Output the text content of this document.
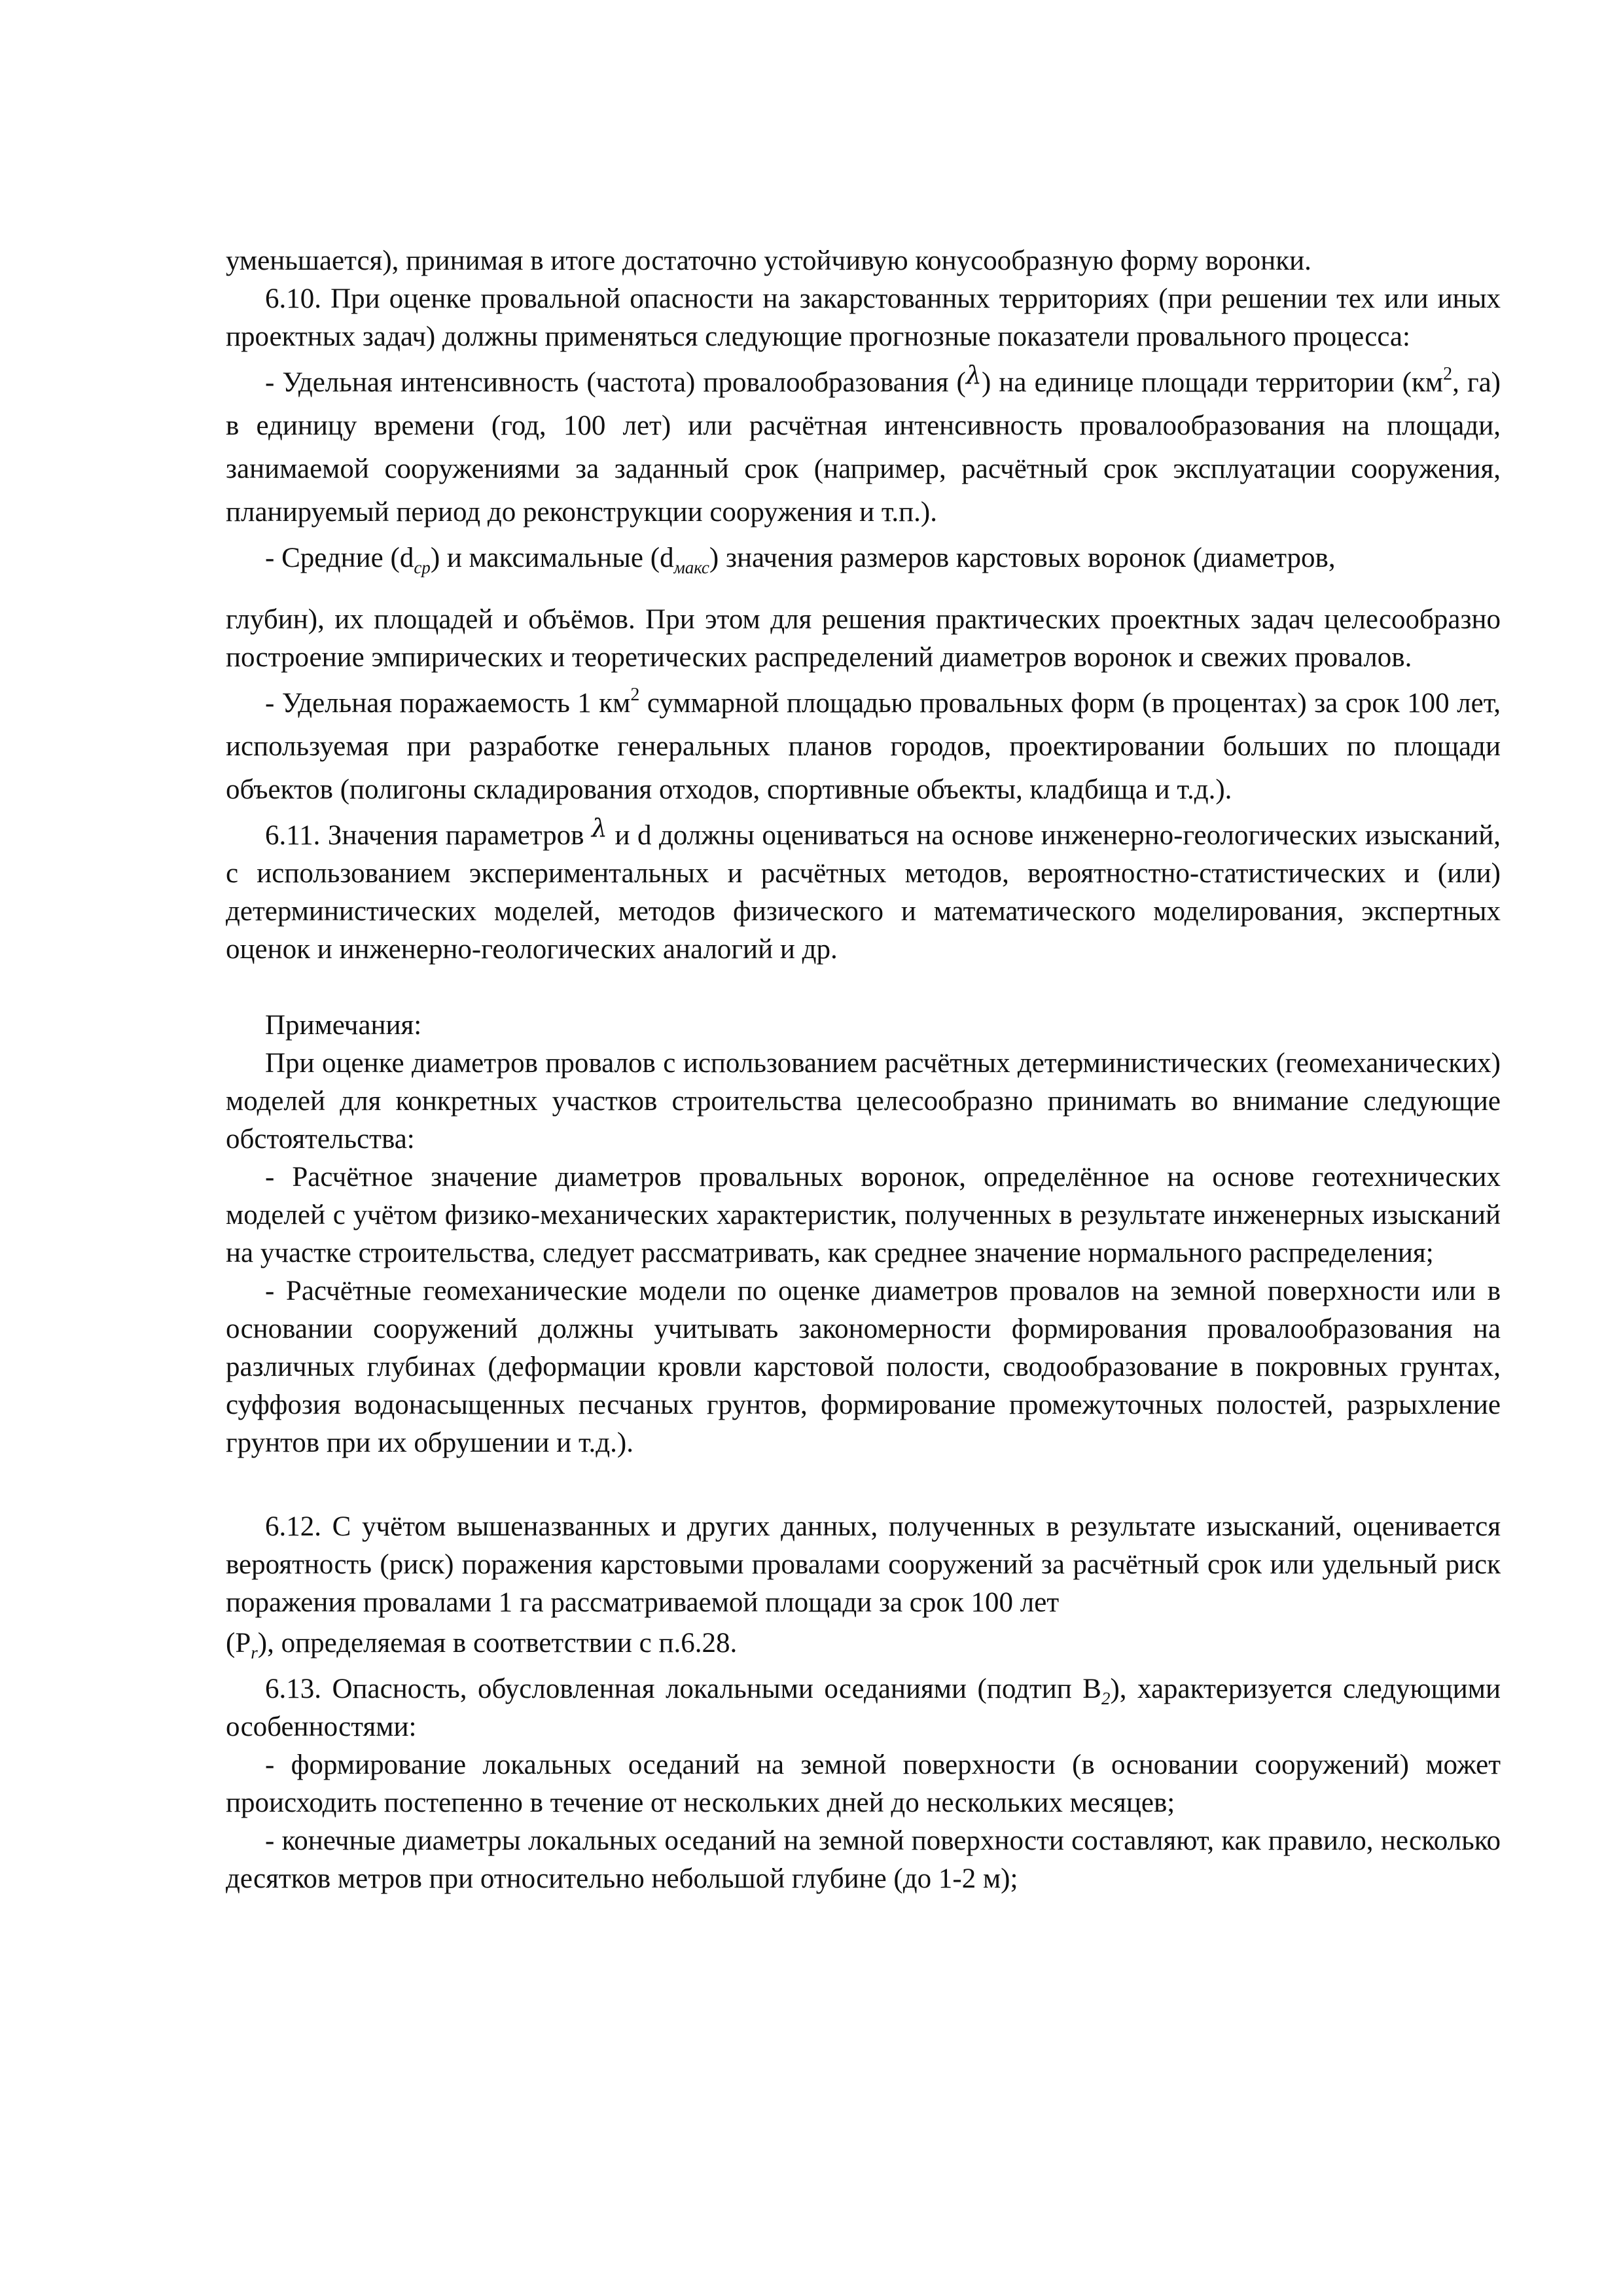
уменьшается), принимая в итоге достаточно устойчивую конусообразную форму воронки.

6.10. При оценке провальной опасности на закарстованных территориях (при решении тех или иных проектных задач) должны применяться следующие прогнозные показатели провального процесса:

- Удельная интенсивность (частота) провалообразования (λ) на единице площади территории ($км^2$, га) в единицу времени (год, 100 лет) или расчётная интенсивность провалообразования на площади, занимаемой сооружениями за заданный срок (например, расчётный срок эксплуатации сооружения, планируемый период до реконструкции сооружения и т.п.).

- Средние $(d_{ср})$ и максимальные $(d_{макс})$ значения размеров карстовых воронок (диаметров,

глубин), их площадей и объёмов. При этом для решения практических проектных задач целесообразно построение эмпирических и теоретических распределений диаметров воронок и свежих провалов.

- Удельная поражаемость 1 $км^2$ суммарной площадью провальных форм (в процентах) за срок 100 лет, используемая при разработке генеральных планов городов, проектировании больших по площади объектов (полигоны складирования отходов, спортивные объекты, кладбища и т.д.).

6.11. Значения параметров λ и d должны оцениваться на основе инженерно-геологических изысканий, с использованием экспериментальных и расчётных методов, вероятностно-статистических и (или) детерминистических моделей, методов физического и математического моделирования, экспертных оценок и инженерно-геологических аналогий и др.

Примечания:

При оценке диаметров провалов с использованием расчётных детерминистических (геомеханических) моделей для конкретных участков строительства целесообразно принимать во внимание следующие обстоятельства:

- Расчётное значение диаметров провальных воронок, определённое на основе геотехнических моделей с учётом физико-механических характеристик, полученных в результате инженерных изысканий на участке строительства, следует рассматривать, как среднее значение нормального распределения;

- Расчётные геомеханические модели по оценке диаметров провалов на земной поверхности или в основании сооружений должны учитывать закономерности формирования провалообразования на различных глубинах (деформации кровли карстовой полости, сводообразование в покровных грунтах, суффозия водонасыщенных песчаных грунтов, формирование промежуточных полостей, разрыхление грунтов при их обрушении и т.д.).

6.12. С учётом вышеназванных и других данных, полученных в результате изысканий, оценивается вероятность (риск) поражения карстовыми провалами сооружений за расчётный срок или удельный риск поражения провалами 1 га рассматриваемой площади за срок 100 лет

$(P_r)$, определяемая в соответствии с п.6.28.

6.13. Опасность, обусловленная локальными оседаниями (подтип $B_2$), характеризуется следующими особенностями:

- формирование локальных оседаний на земной поверхности (в основании сооружений) может происходить постепенно в течение от нескольких дней до нескольких месяцев;

- конечные диаметры локальных оседаний на земной поверхности составляют, как правило, несколько десятков метров при относительно небольшой глубине (до 1-2 м);
